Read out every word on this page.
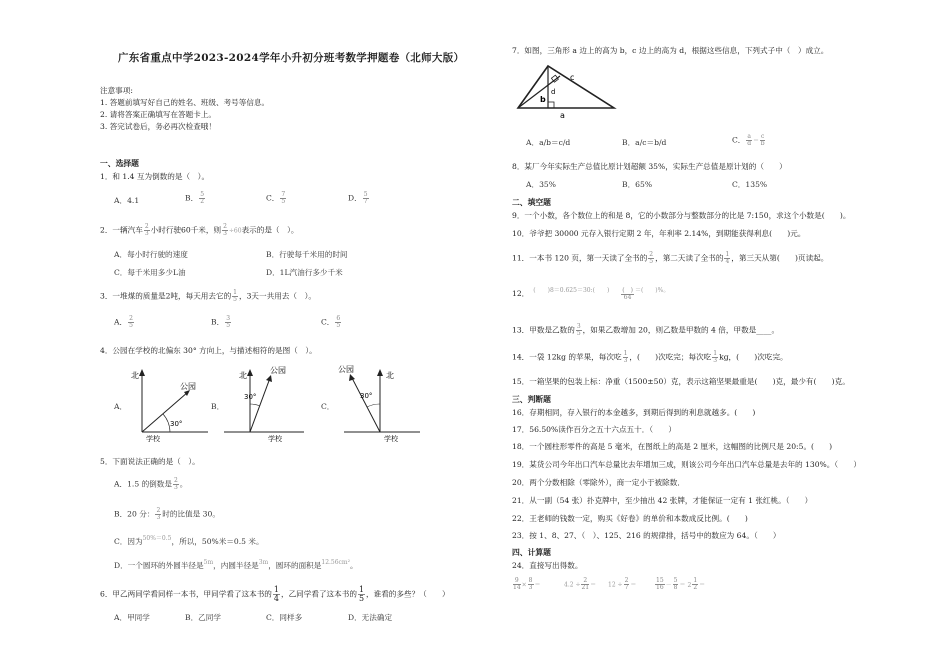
广东省重点中学2023-2024学年小升初分班考数学押题卷（北师大版）
注意事项:
1. 答题前填写好自己的姓名、班级、考号等信息。
2. 请将答案正确填写在答题卡上。
3. 答完试卷后，务必再次检查哦！
一、选择题
1．和 1.4 互为倒数的是（　）。
A．4.1	B． $\frac{5}{2}$	C． $\frac{7}{5}$	D． $\frac{5}{7}$
2．一辆汽车 $\frac{2}{3}$ 小时行驶60千米，则 $\frac{2}{3} \div 60$表示的是（　）。
A．每小时行驶的速度	B．行驶每千米用的时间
C．每千米用多少L油	D．1L汽油行多少千米
3．一堆煤的质量是2吨，每天用去它的 $\frac{1}{5}$ ，3天一共用去（　）。
A． $\frac{2}{5}$	B． $\frac{3}{5}$	C． $\frac{6}{5}$
4．公园在学校的北偏东 30° 方向上，与描述相符的是图（　）。
A．	B．	C．
北
公园
30°
学校
北
公园
30°
学校
北
公园
30°
学校
5．下面说法正确的是（　）。
A．1.5 的倒数是 $\frac{2}{3}$ 。
B．20 分： $\frac{2}{3}$ 时的比值是 30。
C．因为$^{50\%=0.5}$，所以，50%米＝0.5 米。
D．一个圆环的外圆半径是$^{5m}$，内圆半径是$^{3m}$，圆环的面积是$^{12.56cm^2}$。
6．甲乙两同学看同样一本书，甲同学看了这本书的 $\frac{1}{4}$ ，乙同学看了这本书的 $\frac{1}{5}$ ，谁看的多些？（　　）
A．甲同学	B．乙同学	C．同样多	D．无法确定
7．如图，三角形 a 边上的高为 b，c 边上的高为 d，根据这些信息，下列式子中（　）成立。
c
b
d
a
A．a/b＝c/d	B．a/c＝b/d	C． $\frac{a}{d} = \frac{c}{b}$
8．某厂今年实际生产总值比原计划超额 35%，实际生产总值是原计划的（　　）
A．35%	B．65%	C．135%
二、填空题
9．一个小数，各个数位上的和是 8，它的小数部分与整数部分的比是 7:150，求这个小数是(　　)。
10．爷爷把 30000 元存入银行定期 2 年，年利率 2.14%，到期能获得利息(　　)元。
11．一本书 120 页，第一天读了全书的 $\frac{2}{5}$ ，第二天读了全书的 $\frac{1}{4}$ ，第三天从第(　　)页读起。
12． $^{( )8=0.625=30:( )} \frac{( )}{64} ^{=( )\%。}$
13．甲数是乙数的 $\frac{3}{5}$ ，如果乙数增加 20，则乙数是甲数的 4 倍，甲数是____。
14．一袋 12kg 的苹果，每次吃 $\frac{1}{3}$ ，(　　)次吃完；每次吃 $\frac{1}{3}$ kg，(　　)次吃完。
15．一箱坚果的包装上标：净重（1500±50）克，表示这箱坚果最重是(　　)克，最少有(　　)克。
三、判断题
16．存期相同，存入银行的本金越多，到期后得到的利息就越多。(　　)
17．56.50%读作百分之五十六点五十．（　　）
18．一个圆柱形零件的高是 5 毫米，在图纸上的高是 2 厘米，这幅图的比例尺是 20:5。(　　)
19．某货公司今年出口汽车总量比去年增加三成，则该公司今年出口汽车总量是去年的 130%。（　　）
20．两个分数相除（零除外），商一定小于被除数．
21．从一副（54 张）扑克牌中，至少抽出 42 张牌，才能保证一定有 1 张红桃。（　　）
22．王老师的钱数一定，购买《好卷》的单价和本数成反比例。(　　)
23．按 1、8、27、（　）、125、216 的规律排，括号中的数应为 64。（　　）
四、计算题
24．直接写出得数。
$\frac{9}{14} \times \frac{8}{3}$ ＝	$4.2 \div \frac{2}{21} = 12 \div \frac{2}{7}$ ＝	$\frac{15}{16} - \frac{5}{8} = 2 \frac{1}{2}$ ＝
